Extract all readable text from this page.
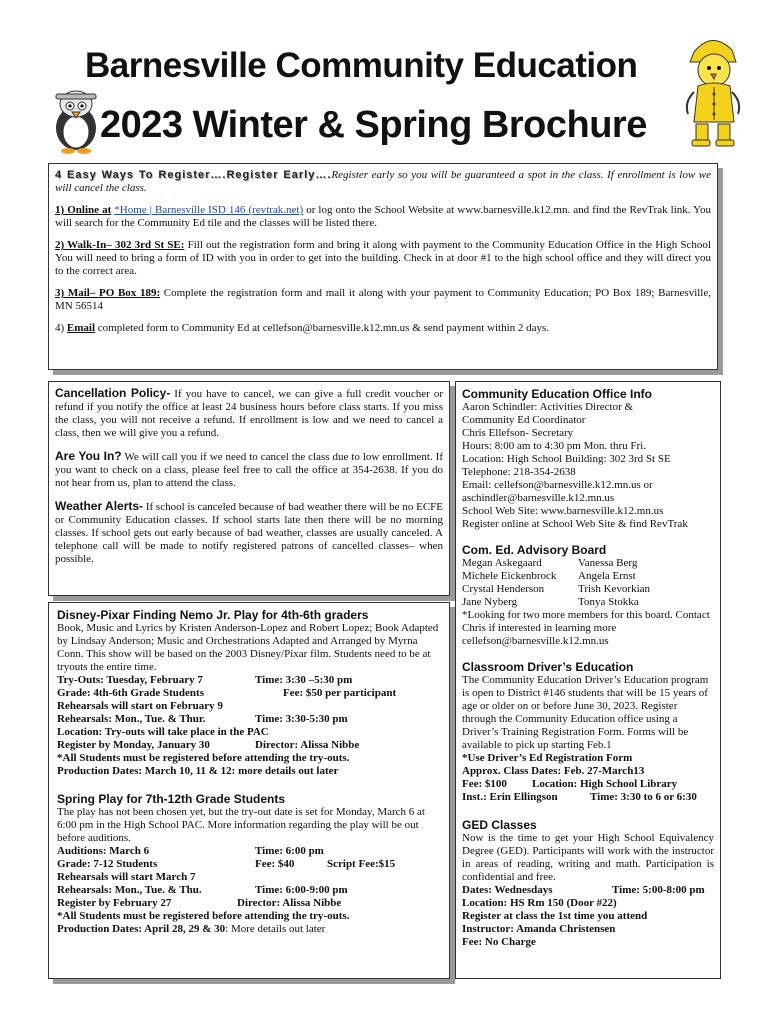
Barnesville Community Education
2023 Winter & Spring Brochure

4 Easy Ways To Register….Register Early….Register early so you will be guaranteed a spot in the class. If enrollment is low we will cancel the class.

1) Online at *Home | Barnesville ISD 146 (revtrak.net) or log onto the School Website at www.barnesville.k12.mn. and find the RevTrak link. You will search for the Community Ed tile and the classes will be listed there.

2) Walk-In– 302 3rd St SE: Fill out the registration form and bring it along with payment to the Community Education Office in the High School You will need to bring a form of ID with you in order to get into the building. Check in at door #1 to the high school office and they will direct you to the correct area.

3) Mail– PO Box 189: Complete the registration form and mail it along with your payment to Community Education; PO Box 189; Barnesville, MN 56514

4) Email completed form to Community Ed at cellefson@barnesville.k12.mn.us & send payment within 2 days.

Cancellation Policy- If you have to cancel, we can give a full credit voucher or refund if you notify the office at least 24 business hours before class starts. If you miss the class, you will not receive a refund. If enrollment is low and we need to cancel a class, then we will give you a refund.

Are You In? We will call you if we need to cancel the class due to low enrollment. If you want to check on a class, please feel free to call the office at 354-2638. If you do not hear from us, plan to attend the class.

Weather Alerts- If school is canceled because of bad weather there will be no ECFE or Community Education classes. If school starts late then there will be no morning classes. If school gets out early because of bad weather, classes are usually canceled. A telephone call will be made to notify registered patrons of cancelled classes– when possible.

Disney-Pixar Finding Nemo Jr. Play for 4th-6th graders

Book, Music and Lyrics by Kristen Anderson-Lopez and Robert Lopez; Book Adapted by Lindsay Anderson; Music and Orchestrations Adapted and Arranged by Myrna Conn. This show will be based on the 2003 Disney/Pixar film. Students need to be at tryouts the entire time.

Try-Outs: Tuesday, February 7	Time: 3:30 –5:30 pm
Grade: 4th-6th Grade Students	Fee: $50 per participant
Rehearsals will start on February 9
Rehearsals: Mon., Tue. & Thur.	Time: 3:30-5:30 pm
Location: Try-outs will take place in the PAC
Register by Monday, January 30	Director: Alissa Nibbe
*All Students must be registered before attending the try-outs.
Production Dates: March 10, 11 & 12: more details out later
Spring Play for 7th-12th Grade Students

The play has not been chosen yet, but the try-out date is set for Monday, March 6 at 6:00 pm in the High School PAC. More information regarding the play will be out before auditions.

Auditions: March 6	Time: 6:00 pm
Grade: 7-12 Students	Fee: $40	Script Fee:$15
Rehearsals will start March 7
Rehearsals: Mon., Tue. & Thu.	Time: 6:00-9:00 pm
Register by February 27	Director: Alissa Nibbe
*All Students must be registered before attending the try-outs.
Production Dates: April 28, 29 & 30: More details out later
Community Education Office Info
Aaron Schindler: Activities Director &
Community Ed Coordinator
Chris Ellefson- Secretary
Hours: 8:00 am to 4:30 pm Mon. thru Fri.
Location: High School Building: 302 3rd St SE
Telephone: 218-354-2638
Email: cellefson@barnesville.k12.mn.us or
aschindler@barnesville.k12.mn.us
School Web Site: www.barnesville.k12.mn.us
Register online at School Web Site & find RevTrak
Com. Ed. Advisory Board
Megan Askegaard	Vanessa Berg
Michele Eickenbrock	Angela Ernst
Crystal Henderson	Trish Kevorkian
Jane Nyberg	Tonya Stokka

*Looking for two more members for this board. Contact Chris if interested in learning more cellefson@barnesville.k12.mn.us

Classroom Driver’s Education

The Community Education Driver’s Education program is open to District #146 students that will be 15 years of age or older on or before June 30, 2023. Register through the Community Education office using a Driver’s Training Registration Form. Forms will be available to pick up starting Feb.1

*Use Driver’s Ed Registration Form
Approx. Class Dates: Feb. 27-March13
Fee: $100	Location: High School Library
Inst.: Erin Ellingson	Time: 3:30 to 6 or 6:30
GED Classes

Now is the time to get your High School Equivalency Degree (GED). Participants will work with the instructor in areas of reading, writing and math. Participation is confidential and free.

Dates: Wednesdays	Time: 5:00-8:00 pm
Location: HS Rm 150 (Door #22)
Register at class the 1st time you attend
Instructor: Amanda Christensen
Fee: No Charge
